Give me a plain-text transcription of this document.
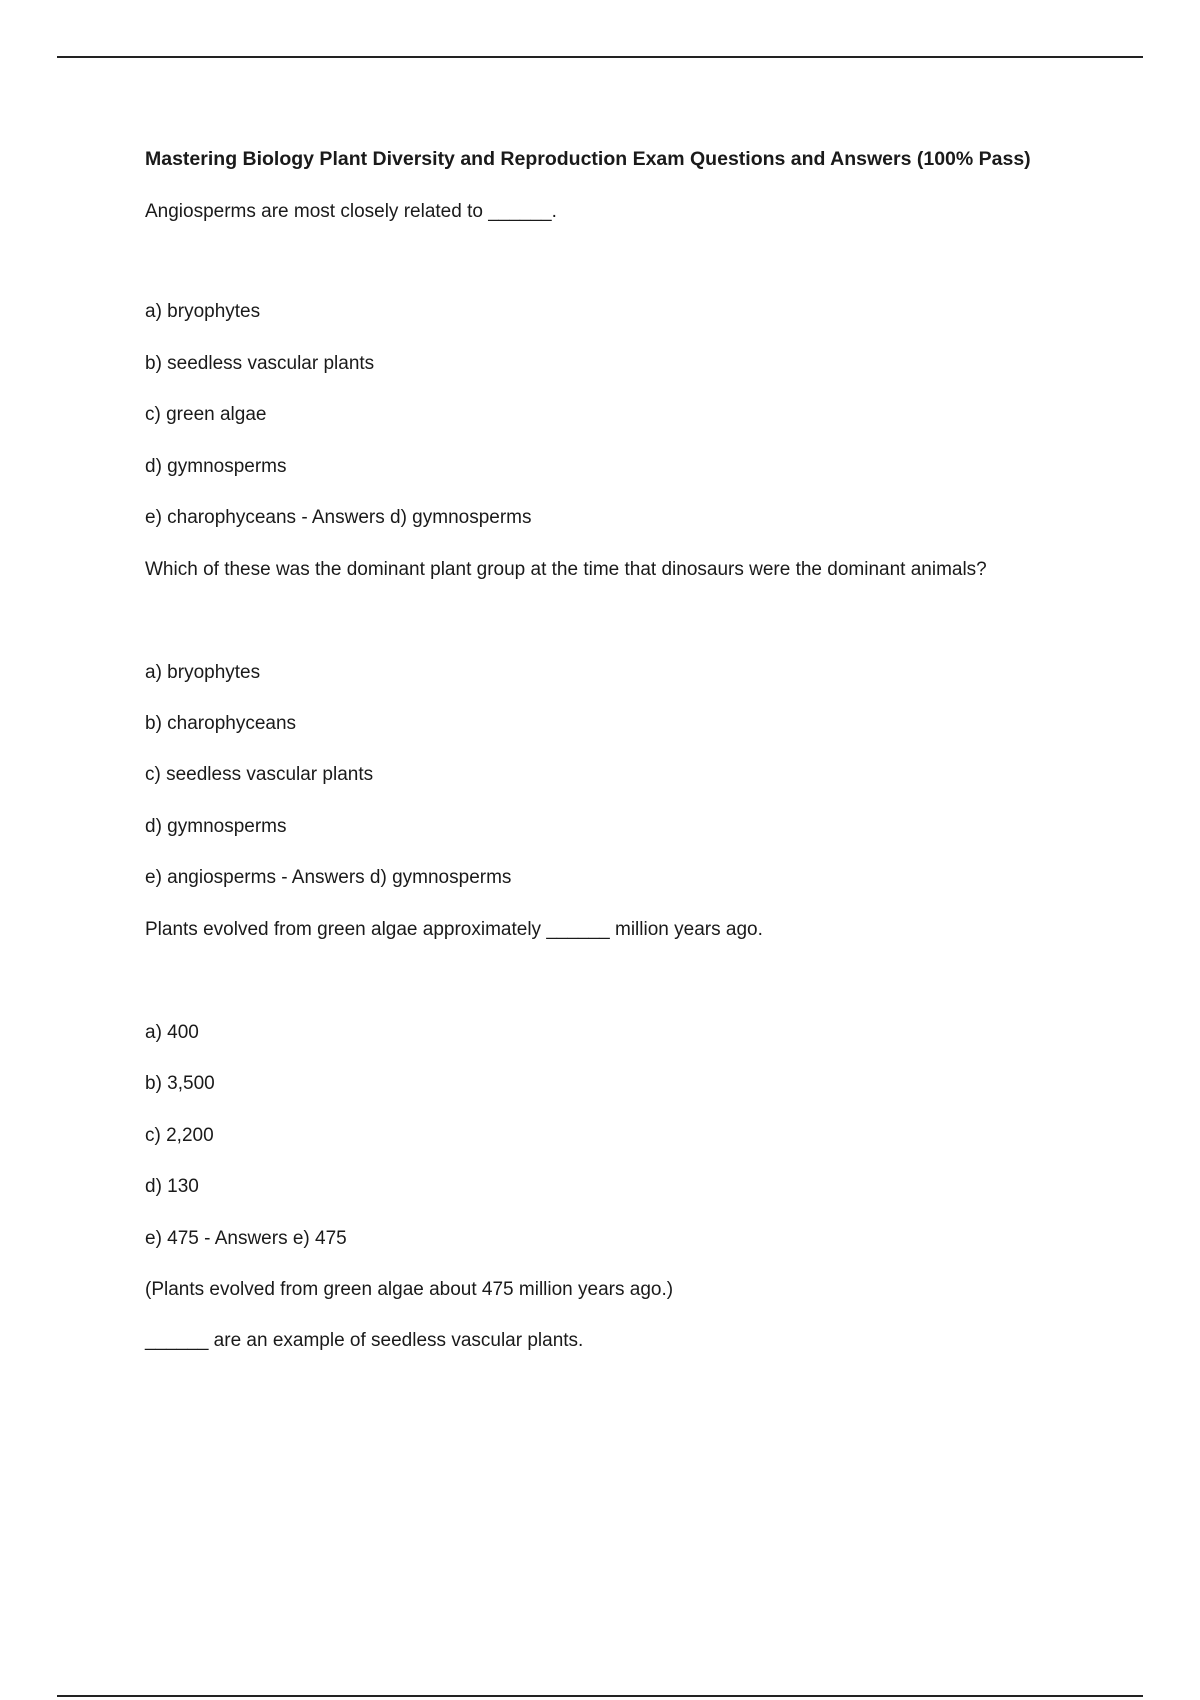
Mastering Biology Plant Diversity and Reproduction Exam Questions and Answers (100% Pass)
Angiosperms are most closely related to ______.
a) bryophytes
b) seedless vascular plants
c) green algae
d) gymnosperms
e) charophyceans - Answers d) gymnosperms
Which of these was the dominant plant group at the time that dinosaurs were the dominant animals?
a) bryophytes
b) charophyceans
c) seedless vascular plants
d) gymnosperms
e) angiosperms - Answers d) gymnosperms
Plants evolved from green algae approximately ______ million years ago.
a) 400
b) 3,500
c) 2,200
d) 130
e) 475 - Answers e) 475
(Plants evolved from green algae about 475 million years ago.)
______ are an example of seedless vascular plants.
